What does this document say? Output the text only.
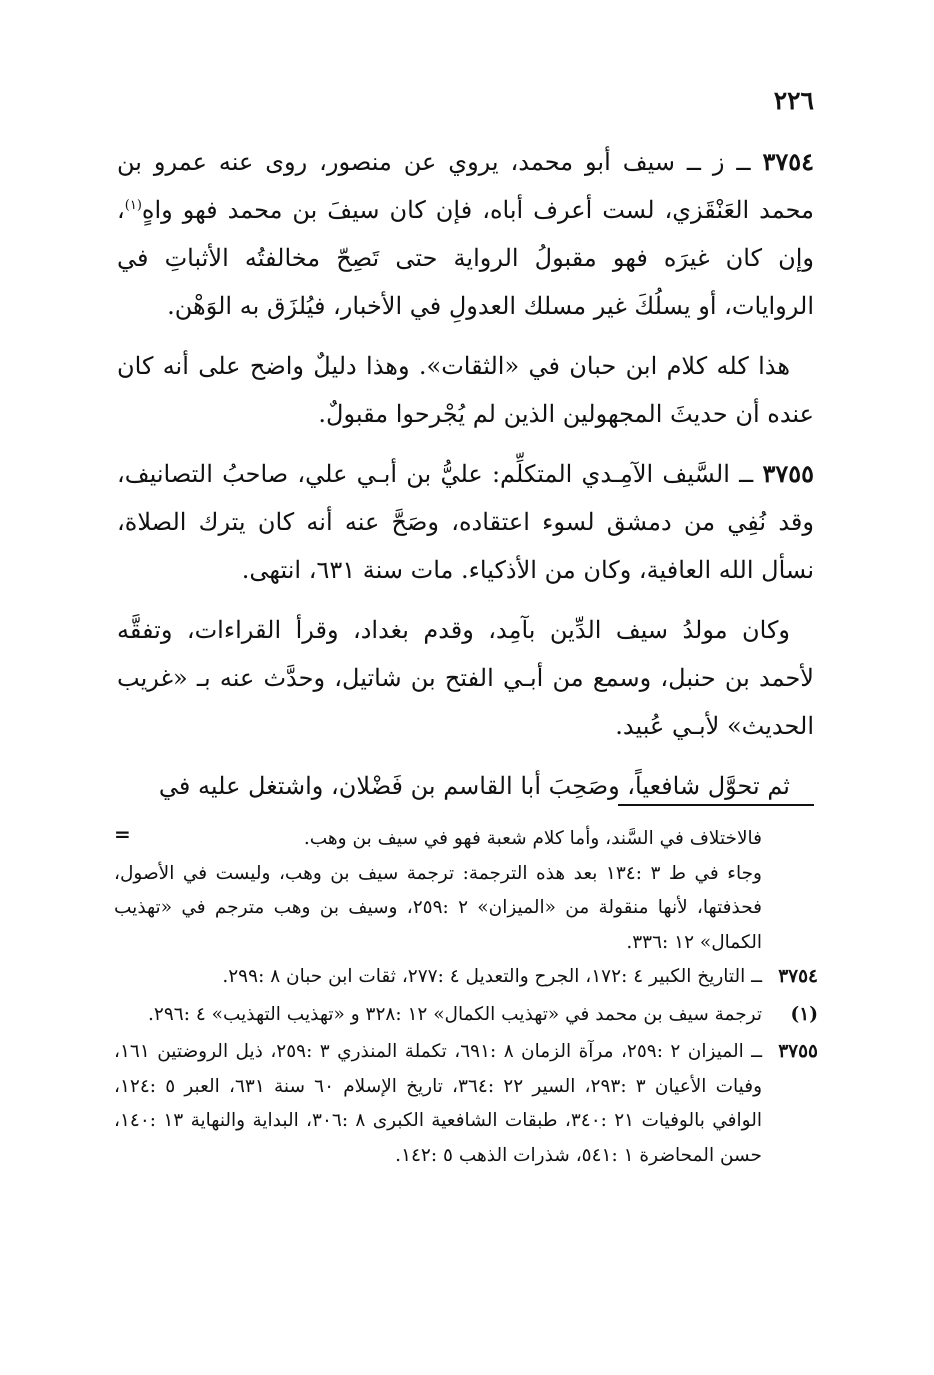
٢٢٦

٣٧٥٤ ــ ز ــ سيف أبو محمد، يروي عن منصور، روى عنه عمرو بن محمد العَنْقَزي، لست أعرف أباه، فإن كان سيفَ بن محمد فهو واهٍ$^{(١)}$، وإن كان غيرَه فهو مقبولُ الرواية حتى تَصِحّ مخالفتُه الأثباتِ في الروايات، أو يسلُكَ غير مسلك العدولِ في الأخبار، فيُلزَق به الوَهْن.

هذا كله كلام ابن حبان في «الثقات». وهذا دليلٌ واضح على أنه كان عنده أن حديثَ المجهولين الذين لم يُجْرحوا مقبولٌ.

٣٧٥٥ ــ السَّيف الآمِـدي المتكلِّم: عليُّ بن أبـي علي، صاحبُ التصانيف، وقد نُفِي من دمشق لسوء اعتقاده، وصَحَّ عنه أنه كان يترك الصلاة، نسأل الله العافية، وكان من الأذكياء. مات سنة ٦٣١، انتهى.

وكان مولدُ سيف الدِّين بآمِد، وقدم بغداد، وقرأ القراءات، وتفقَّه لأحمد بن حنبل، وسمع من أبـي الفتح بن شاتيل، وحدَّث عنه بـ «غريب الحديث» لأبـي عُبيد.

ثم تحوَّل شافعياً، وصَحِبَ أبا القاسم بن فَضْلان، واشتغل عليه في

=	فالاختلاف في السَّند، وأما كلام شعبة فهو في سيف بن وهب.
وجاء في ط ٣ :١٣٤ بعد هذه الترجمة: ترجمة سيف بن وهب، وليست في الأصول، فحذفتها، لأنها منقولة من «الميزان» ٢ :٢٥٩، وسيف بن وهب مترجم في «تهذيب الكمال» ١٢ :٣٣٦.
٣٧٥٤
ــ التاريخ الكبير ٤ :١٧٢، الجرح والتعديل ٤ :٢٧٧، ثقات ابن حبان ٨ :٢٩٩.
(١)
ترجمة سيف بن محمد في «تهذيب الكمال» ١٢ :٣٢٨ و «تهذيب التهذيب» ٤ :٢٩٦.
٣٧٥٥
ــ الميزان ٢ :٢٥٩، مرآة الزمان ٨ :٦٩١، تكملة المنذري ٣ :٢٥٩، ذيل الروضتين ١٦١، وفيات الأعيان ٣ :٢٩٣، السير ٢٢ :٣٦٤، تاريخ الإسلام ٦٠ سنة ٦٣١، العبر ٥ :١٢٤، الوافي بالوفيات ٢١ :٣٤٠، طبقات الشافعية الكبرى ٨ :٣٠٦، البداية والنهاية ١٣ :١٤٠، حسن المحاضرة ١ :٥٤١، شذرات الذهب ٥ :١٤٢.
